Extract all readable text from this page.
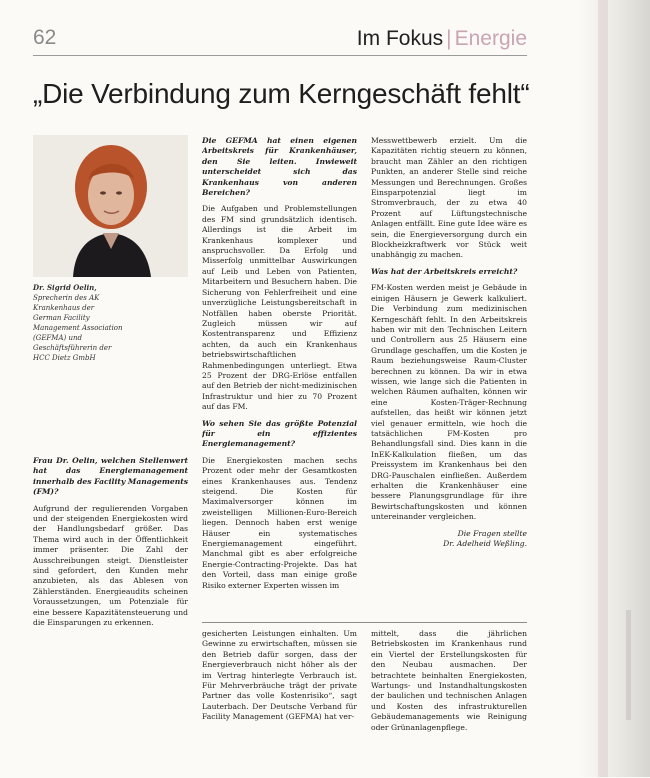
62	Im Fokus | Energie
„Die Verbindung zum Kerngeschäft fehlt“
Dr. Sigrid Oelin, Sprecherin des AK Krankenhaus der German Facility Management Association (GEFMA) und Geschäftsführerin der HCC Dietz GmbH

Frau Dr. Oelin, welchen Stellenwert hat das Energiemanagement innerhalb des Facility Managements (FM)?

Aufgrund der regulierenden Vorgaben und der steigenden Energiekosten wird der Handlungsbedarf größer. Das Thema wird auch in der Öffentlichkeit immer präsenter. Die Zahl der Ausschreibungen steigt. Dienstleister sind gefordert, den Kunden mehr anzubieten, als das Ablesen von Zählerständen. Energieaudits scheinen Voraussetzungen, um Potenziale für eine bessere Kapazitätensteuerung und die Einsparungen zu erkennen.

Die GEFMA hat einen eigenen Arbeitskreis für Krankenhäuser, den Sie leiten. Inwieweit unterscheidet sich das Krankenhaus von anderen Bereichen?

Die Aufgaben und Problemstellungen des FM sind grundsätzlich identisch. Allerdings ist die Arbeit im Krankenhaus komplexer und anspruchsvoller. Da Erfolg und Misserfolg unmittelbar Auswirkungen auf Leib und Leben von Patienten, Mitarbeitern und Besuchern haben. Die Sicherung von Fehlerfreiheit und eine unverzügliche Leistungsbereitschaft in Notfällen haben oberste Priorität. Zugleich müssen wir auf Kostentransparenz und Effizienz achten, da auch ein Krankenhaus betriebswirtschaftlichen Rahmenbedingungen unterliegt. Etwa 25 Prozent der DRG-Erlöse entfallen auf den Betrieb der nicht-medizinischen Infrastruktur und hier zu 70 Prozent auf das FM.

Wo sehen Sie das größte Potenzial für ein effizientes Energiemanagement?

Die Energiekosten machen sechs Prozent oder mehr der Gesamtkosten eines Krankenhauses aus. Tendenz steigend. Die Kosten für Maximalversorger können im zweistelligen Millionen-Euro-Bereich liegen. Dennoch haben erst wenige Häuser ein systematisches Energiemanagement eingeführt. Manchmal gibt es aber erfolgreiche Energie-Contracting-Projekte. Das hat den Vorteil, dass man einige große Risiko externer Experten wissen im

Messwettbewerb erzielt. Um die Kapazitäten richtig steuern zu können, braucht man Zähler an den richtigen Punkten, an anderer Stelle sind reiche Messungen und Berechnungen. Großes Einsparpotenzial liegt im Stromverbrauch, der zu etwa 40 Prozent auf Lüftungstechnische Anlagen entfällt. Eine gute Idee wäre es sein, die Energieversorgung durch ein Blockheizkraftwerk vor Stück weit unabhängig zu machen.

Was hat der Arbeitskreis erreicht?

FM-Kosten werden meist je Gebäude in einigen Häusern je Gewerk kalkuliert. Die Verbindung zum medizinischen Kerngeschäft fehlt. In den Arbeitskreis haben wir mit den Technischen Leitern und Controllern aus 25 Häusern eine Grundlage geschaffen, um die Kosten je Raum beziehungsweise Raum-Cluster berechnen zu können. Da wir in etwa wissen, wie lange sich die Patienten in welchen Räumen aufhalten, können wir eine Kosten-Träger-Rechnung aufstellen, das heißt wir können jetzt viel genauer ermitteln, wie hoch die tatsächlichen FM-Kosten pro Behandlungsfall sind. Dies kann in die InEK-Kalkulation fließen, um das Preissystem im Krankenhaus bei den DRG-Pauschalen einfließen. Außerdem erhalten die Krankenhäuser eine bessere Planungsgrundlage für ihre Bewirtschaftungskosten und können untereinander vergleichen.

Die Fragen stellte
Dr. Adelheid Weßling.

gesicherten Leistungen einhalten. Um Gewinne zu erwirtschaften, müssen sie den Betrieb dafür sorgen, dass der Energieverbrauch nicht höher als der im Vertrag hinterlegte Verbrauch ist. Für Mehrverbräuche trägt der private Partner das volle Kostenrisiko“, sagt Lauterbach. Der Deutsche Verband für Facility Management (GEFMA) hat ver-

mittelt, dass die jährlichen Betriebskosten im Krankenhaus rund ein Viertel der Erstellungskosten für den Neubau ausmachen. Der betrachtete beinhalten Energiekosten, Wartungs- und Instandhaltungskosten der baulichen und technischen Anlagen und Kosten des infrastrukturellen Gebäudemanagements wie Reinigung oder Grünanlagenpflege.
